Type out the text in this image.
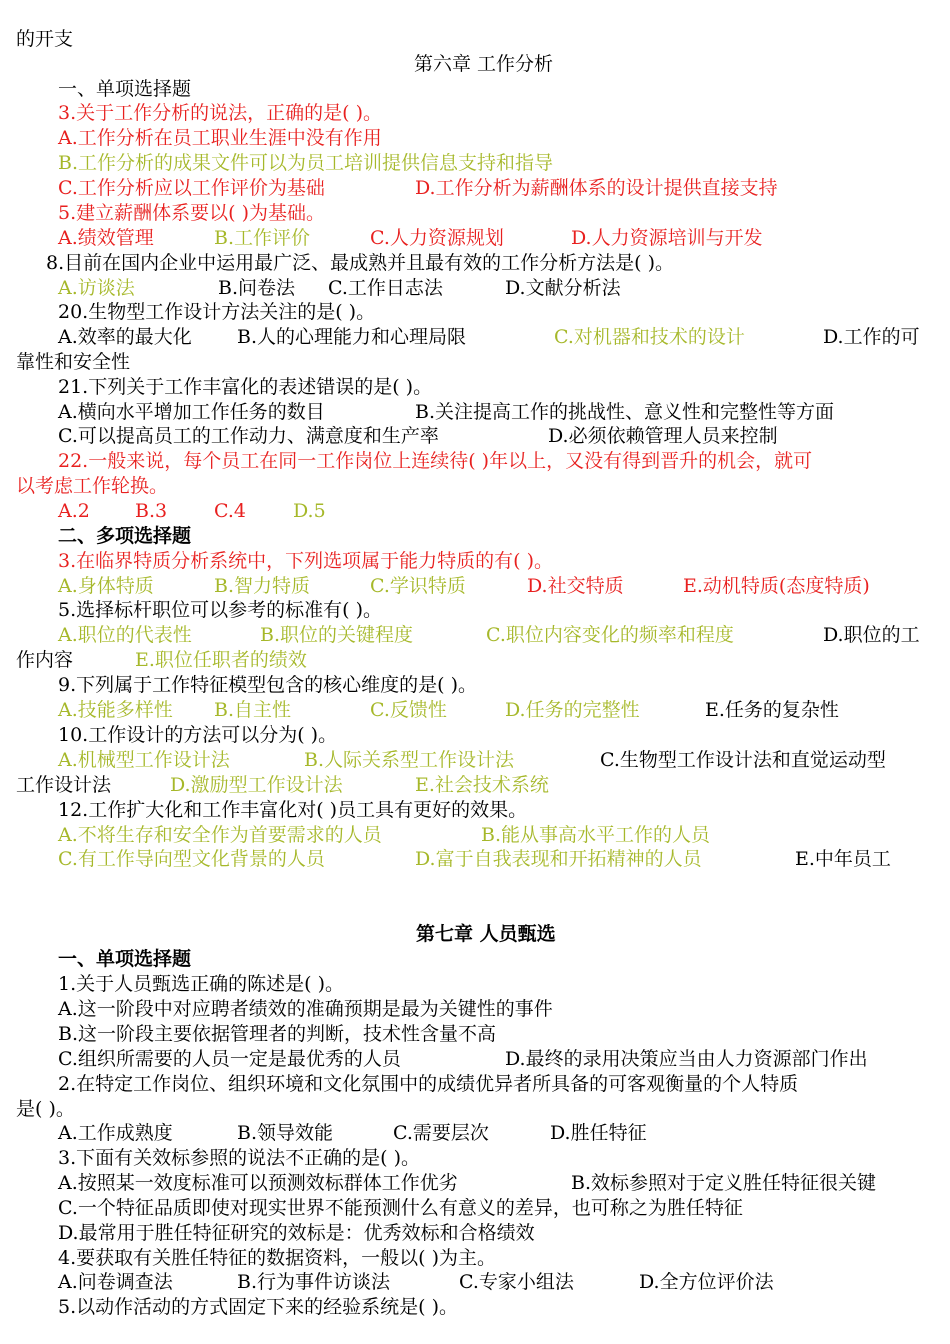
的开支
第六章 工作分析
一、单项选择题
3.关于工作分析的说法，正确的是( )。
A.工作分析在员工职业生涯中没有作用
B.工作分析的成果文件可以为员工培训提供信息支持和指导
C.工作分析应以工作评价为基础	D.工作分析为薪酬体系的设计提供直接支持
5.建立薪酬体系要以( )为基础。
A.绩效管理	B.工作评价	C.人力资源规划	D.人力资源培训与开发
8.目前在国内企业中运用最广泛、最成熟并且最有效的工作分析方法是( )。
A.访谈法	B.问卷法 C.工作日志法	D.文献分析法
20.生物型工作设计方法关注的是( )。
A.效率的最大化 B.人的心理能力和心理局限	C.对机器和技术的设计	D.工作的可
靠性和安全性
21.下列关于工作丰富化的表述错误的是( )。
A.横向水平增加工作任务的数目	B.关注提高工作的挑战性、意义性和完整性等方面
C.可以提高员工的工作动力、满意度和生产率	D.必须依赖管理人员来控制
22.一般来说，每个员工在同一工作岗位上连续待( )年以上，又没有得到晋升的机会，就可
以考虑工作轮换。
A.2 B.3 C.4 D.5
二、多项选择题
3.在临界特质分析系统中，下列选项属于能力特质的有( )。
A.身体特质	B.智力特质	C.学识特质	D.社交特质	E.动机特质(态度特质)
5.选择标杆职位可以参考的标准有( )。
A.职位的代表性	B.职位的关键程度	C.职位内容变化的频率和程度	D.职位的工
作内容	E.职位任职者的绩效
9.下列属于工作特征模型包含的核心维度的是( )。
A.技能多样性 B.自主性	C.反馈性	D.任务的完整性	E.任务的复杂性
10.工作设计的方法可以分为( )。
A.机械型工作设计法	B.人际关系型工作设计法	C.生物型工作设计法和直觉运动型
工作设计法	D.激励型工作设计法	E.社会技术系统
12.工作扩大化和工作丰富化对( )员工具有更好的效果。
A.不将生存和安全作为首要需求的人员	B.能从事高水平工作的人员
C.有工作导向型文化背景的人员	D.富于自我表现和开拓精神的人员	E.中年员工
第七章 人员甄选
一、单项选择题
1.关于人员甄选正确的陈述是( )。
A.这一阶段中对应聘者绩效的准确预期是最为关键性的事件
B.这一阶段主要依据管理者的判断，技术性含量不高
C.组织所需要的人员一定是最优秀的人员	D.最终的录用决策应当由人力资源部门作出
2.在特定工作岗位、组织环境和文化氛围中的成绩优异者所具备的可客观衡量的个人特质
是( )。
A.工作成熟度	B.领导效能	C.需要层次	D.胜任特征
3.下面有关效标参照的说法不正确的是( )。
A.按照某一效度标准可以预测效标群体工作优劣	B.效标参照对于定义胜任特征很关键
C.一个特征品质即使对现实世界不能预测什么有意义的差异，也可称之为胜任特征
D.最常用于胜任特征研究的效标是：优秀效标和合格绩效
4.要获取有关胜任特征的数据资料，一般以( )为主。
A.问卷调查法	B.行为事件访谈法	C.专家小组法	D.全方位评价法
5.以动作活动的方式固定下来的经验系统是( )。
